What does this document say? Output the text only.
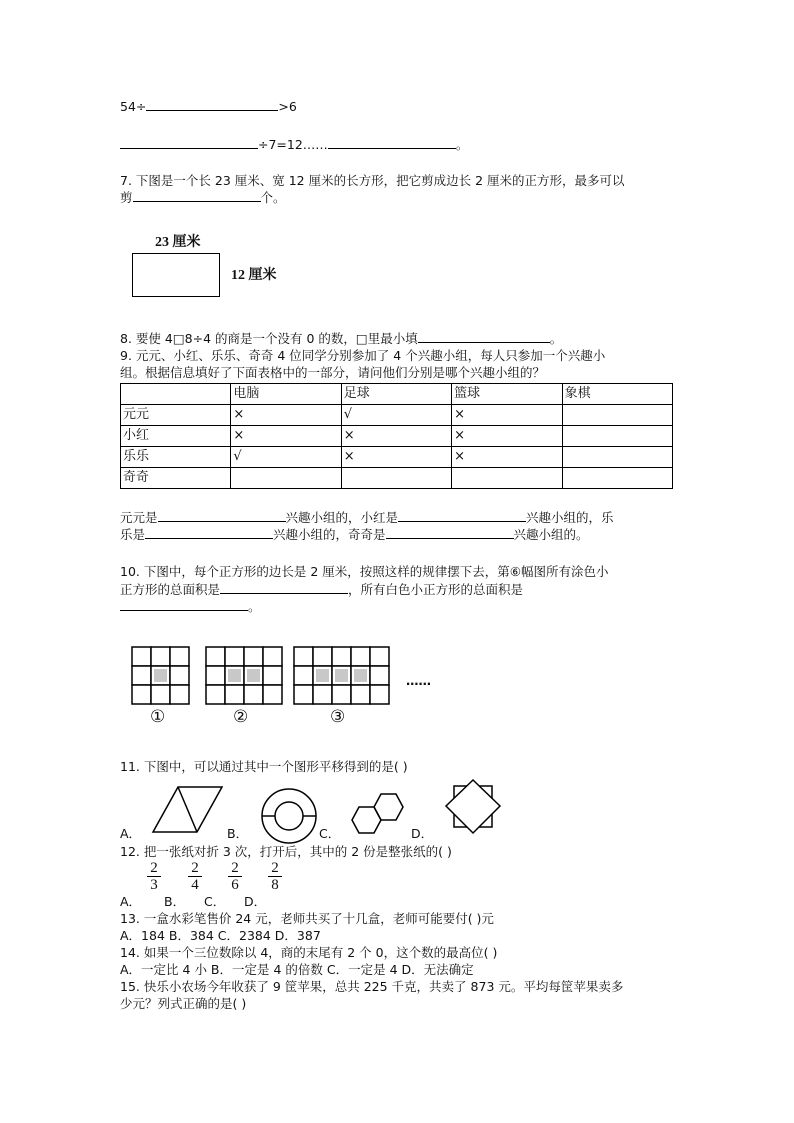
54÷	>6
÷7=12……	。
7. 下图是一个长 23 厘米、宽 12 厘米的长方形，把它剪成边长 2 厘米的正方形，最多可以
剪	个。
23 厘米
12 厘米
8. 要使 4□8÷4 的商是一个没有 0 的数，□里最小填	。
9. 元元、小红、乐乐、奇奇 4 位同学分别参加了 4 个兴趣小组，每人只参加一个兴趣小
组。根据信息填好了下面表格中的一部分，请问他们分别是哪个兴趣小组的？
	电脑	足球	篮球	象棋
元元	×	√	×	
小红	×	×	×	
乐乐	√	×	×	
奇奇				
元元是	兴趣小组的，小红是	兴趣小组的，乐
乐是	兴趣小组的，奇奇是	兴趣小组的。
10. 下图中，每个正方形的边长是 2 厘米，按照这样的规律摆下去，第⑥幅图所有涂色小
正方形的总面积是	，所有白色小正方形的总面积是
。
①	②	③
……
11. 下图中，可以通过其中一个图形平移得到的是( )
A．	B．	C．	D．
12. 把一张纸对折 3 次，打开后，其中的 2 份是整张纸的( )
$\frac{2}{3} \frac{2}{4} \frac{2}{6} \frac{2}{8}$
A． B． C． D．
13. 一盒水彩笔售价 24 元，老师共买了十几盒，老师可能要付( )元
A．184 B．384 C．2384 D．387
14. 如果一个三位数除以 4，商的末尾有 2 个 0，这个数的最高位( )
A．一定比 4 小 B．一定是 4 的倍数 C．一定是 4 D．无法确定
15. 快乐小农场今年收获了 9 筐苹果，总共 225 千克，共卖了 873 元。平均每筐苹果卖多
少元？列式正确的是( )
